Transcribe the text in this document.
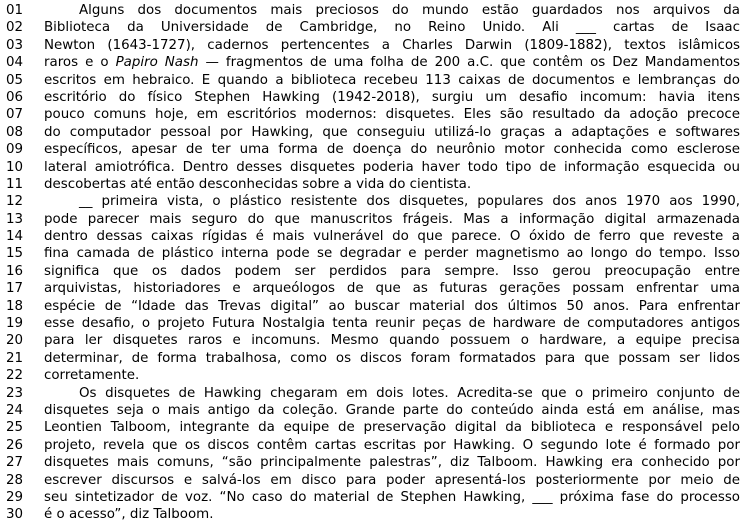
01	Alguns dos documentos mais preciosos do mundo estão guardados nos arquivos da
02	Biblioteca da Universidade de Cambridge, no Reino Unido. Ali ___ cartas de Isaac
03	Newton (1643-1727), cadernos pertencentes a Charles Darwin (1809-1882), textos islâmicos
04	raros e o Papiro Nash — fragmentos de uma folha de 200 a.C. que contêm os Dez Mandamentos
05	escritos em hebraico. E quando a biblioteca recebeu 113 caixas de documentos e lembranças do
06	escritório do físico Stephen Hawking (1942-2018), surgiu um desafio incomum: havia itens
07	pouco comuns hoje, em escritórios modernos: disquetes. Eles são resultado da adoção precoce
08	do computador pessoal por Hawking, que conseguiu utilizá-lo graças a adaptações e softwares
09	específicos, apesar de ter uma forma de doença do neurônio motor conhecida como esclerose
10	lateral amiotrófica. Dentro desses disquetes poderia haver todo tipo de informação esquecida ou
11	descobertas até então desconhecidas sobre a vida do cientista.
12	__ primeira vista, o plástico resistente dos disquetes, populares dos anos 1970 aos 1990,
13	pode parecer mais seguro do que manuscritos frágeis. Mas a informação digital armazenada
14	dentro dessas caixas rígidas é mais vulnerável do que parece. O óxido de ferro que reveste a
15	fina camada de plástico interna pode se degradar e perder magnetismo ao longo do tempo. Isso
16	significa que os dados podem ser perdidos para sempre. Isso gerou preocupação entre
17	arquivistas, historiadores e arqueólogos de que as futuras gerações possam enfrentar uma
18	espécie de “Idade das Trevas digital” ao buscar material dos últimos 50 anos. Para enfrentar
19	esse desafio, o projeto Futura Nostalgia tenta reunir peças de hardware de computadores antigos
20	para ler disquetes raros e incomuns. Mesmo quando possuem o hardware, a equipe precisa
21	determinar, de forma trabalhosa, como os discos foram formatados para que possam ser lidos
22	corretamente.
23	Os disquetes de Hawking chegaram em dois lotes. Acredita-se que o primeiro conjunto de
24	disquetes seja o mais antigo da coleção. Grande parte do conteúdo ainda está em análise, mas
25	Leontien Talboom, integrante da equipe de preservação digital da biblioteca e responsável pelo
26	projeto, revela que os discos contêm cartas escritas por Hawking. O segundo lote é formado por
27	disquetes mais comuns, “são principalmente palestras”, diz Talboom. Hawking era conhecido por
28	escrever discursos e salvá-los em disco para poder apresentá-los posteriormente por meio de
29	seu sintetizador de voz. “No caso do material de Stephen Hawking, ___ próxima fase do processo
30	é o acesso”, diz Talboom.
